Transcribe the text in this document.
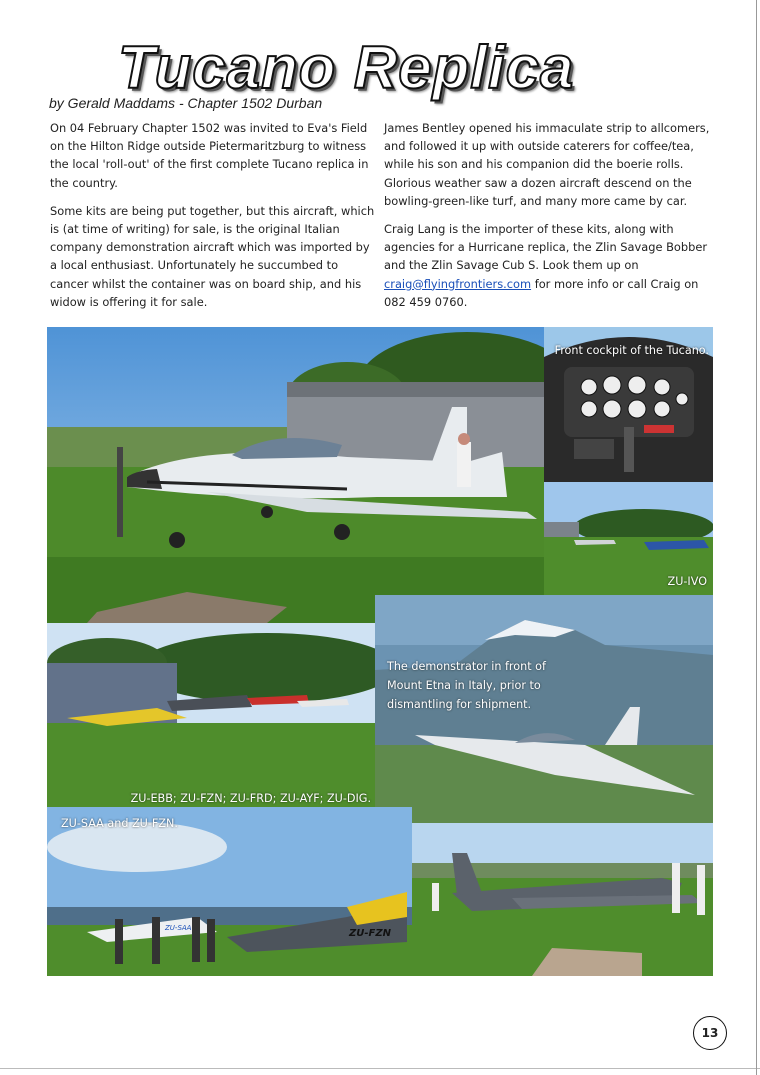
Tucano Replica
by Gerald Maddams - Chapter 1502 Durban

On 04 February Chapter 1502 was invited to Eva's Field on the Hilton Ridge outside Pietermaritzburg to witness the local 'roll-out' of the first complete Tucano replica in the country.

Some kits are being put together, but this aircraft, which is (at time of writing) for sale, is the original Italian company demonstration aircraft which was imported by a local enthusiast. Unfortunately he succumbed to cancer whilst the container was on board ship, and his widow is offering it for sale.

James Bentley opened his immaculate strip to allcomers, and followed it up with outside caterers for coffee/tea, while his son and his companion did the boerie rolls. Glorious weather saw a dozen aircraft descend on the bowling-green-like turf, and many more came by car.

Craig Lang is the importer of these kits, along with agencies for a Hurricane replica, the Zlin Savage Bobber and the Zlin Savage Cub S. Look them up on craig@flyingfrontiers.com for more info or call Craig on 082 459 0760.

Front cockpit of the Tucano.
ZU-IVO
ZU-EBB; ZU-FZN; ZU-FRD; ZU-AYF; ZU-DIG.
The demonstrator in front of Mount Etna in Italy, prior to dismantling for shipment.
ZU-SAA	ZU-FZN
ZU-SAA and ZU-FZN.
13
